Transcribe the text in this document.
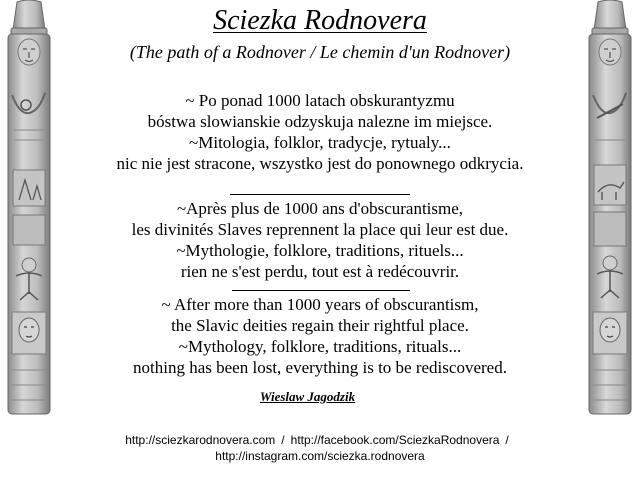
Sciezka Rodnovera
(The path of a Rodnover / Le chemin d'un Rodnover)
~ Po ponad 1000 latach obskurantyzmu
bóstwa slowianskie odzyskuja nalezne im miejsce.
~Mitologia, folklor, tradycje, rytualy...
nic nie jest stracone, wszystko jest do ponownego odkrycia.
~Après plus de 1000 ans d'obscurantisme,
les divinités Slaves reprennent la place qui leur est due.
~Mythologie, folklore, traditions, rituels...
rien ne s'est perdu, tout est à redécouvrir.
~ After more than 1000 years of obscurantism,
the Slavic deities regain their rightful place.
~Mythology, folklore, traditions, rituals...
nothing has been lost, everything is to be rediscovered.
Wieslaw Jagodzik
http://sciezkarodnovera.com / http://facebook.com/SciezkaRodnovera /
http://instagram.com/sciezka.rodnovera
